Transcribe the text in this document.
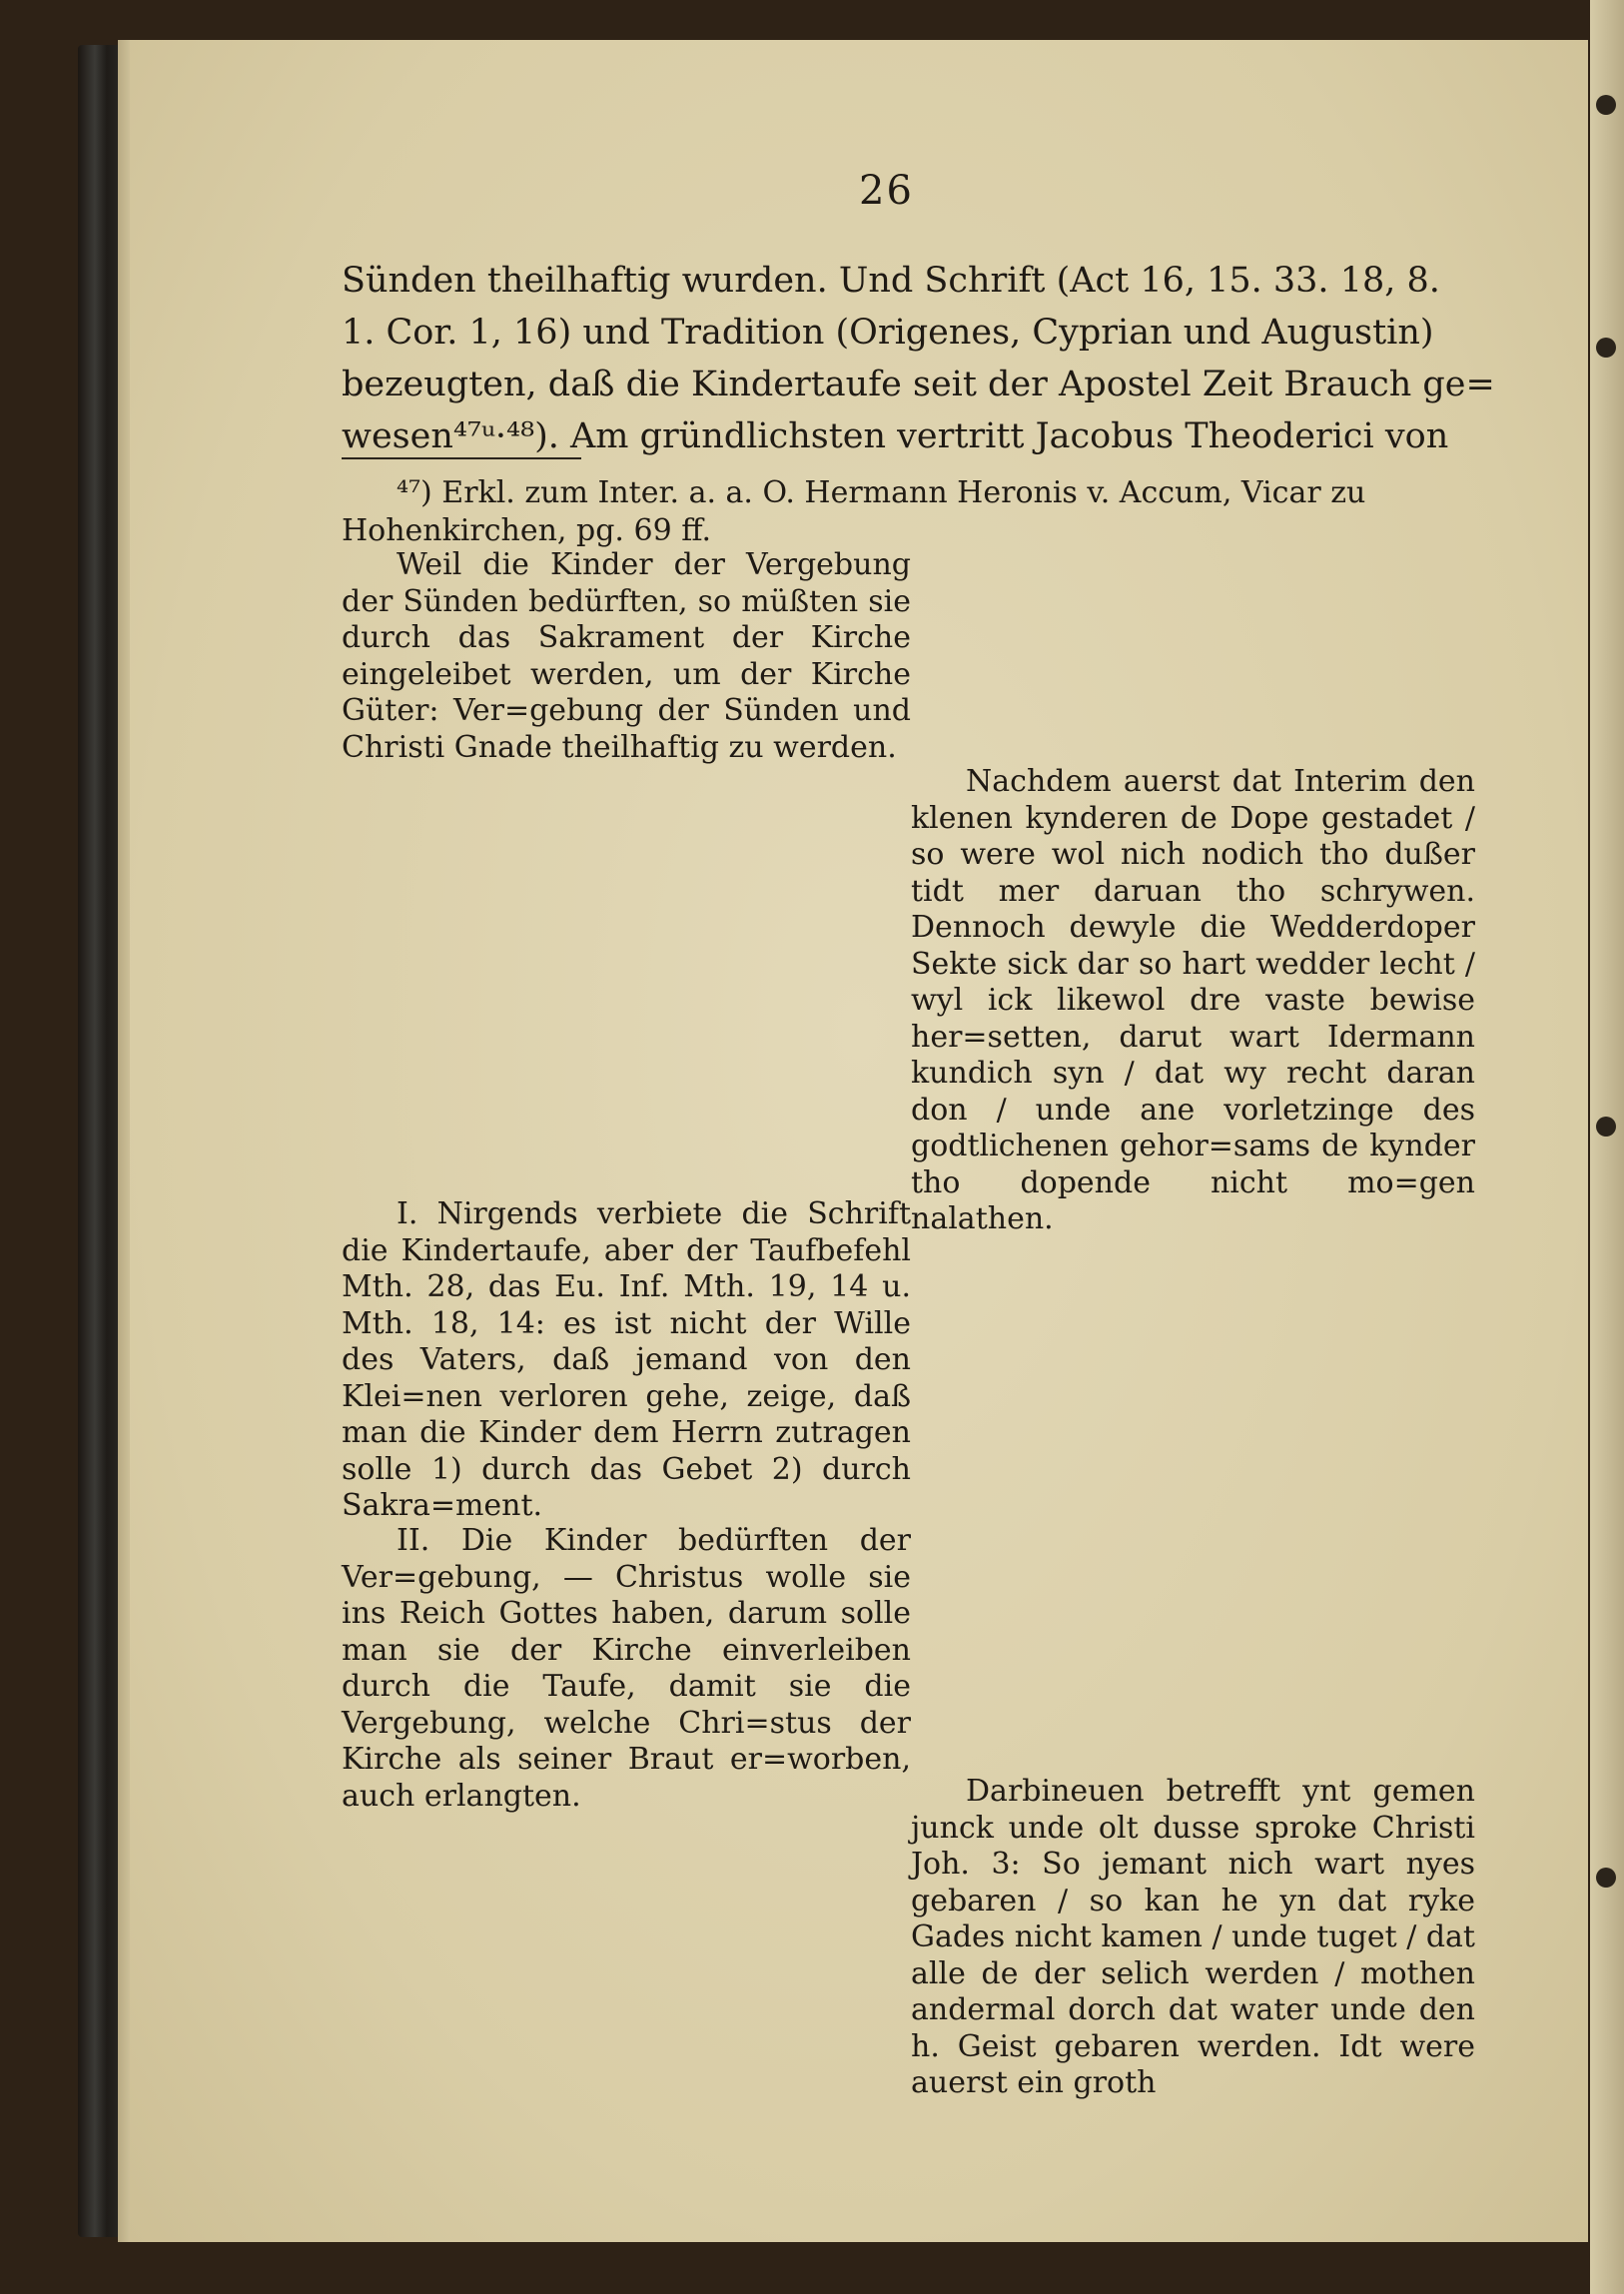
26
Sünden theilhaftig wurden. Und Schrift (Act 16, 15. 33. 18, 8.
1. Cor. 1, 16) und Tradition (Origenes, Cyprian und Augustin)
bezeugten, daß die Kindertaufe seit der Apostel Zeit Brauch ge=
wesen⁴⁷ᵘ·⁴⁸). Am gründlichsten vertritt Jacobus Theoderici von

⁴⁷) Erkl. zum Inter. a. a. O. Hermann Heronis v. Accum, Vicar zu Hohenkirchen, pg. 69 ff.

Weil die Kinder der Vergebung der Sünden bedürften, so müßten sie durch das Sakrament der Kirche eingeleibet werden, um der Kirche Güter: Ver=gebung der Sünden und Christi Gnade theilhaftig zu werden.

I. Nirgends verbiete die Schrift die Kindertaufe, aber der Taufbefehl Mth. 28, das Eu. Inf. Mth. 19, 14 u. Mth. 18, 14: es ist nicht der Wille des Vaters, daß jemand von den Klei=nen verloren gehe, zeige, daß man die Kinder dem Herrn zutragen solle 1) durch das Gebet 2) durch Sakra=ment.

II. Die Kinder bedürften der Ver=gebung, — Christus wolle sie ins Reich Gottes haben, darum solle man sie der Kirche einverleiben durch die Taufe, damit sie die Vergebung, welche Chri=stus der Kirche als seiner Braut er=worben, auch erlangten.

Nachdem auerst dat Interim den klenen kynderen de Dope gestadet / so were wol nich nodich tho dußer tidt mer daruan tho schrywen. Dennoch dewyle die Wedderdoper Sekte sick dar so hart wedder lecht / wyl ick likewol dre vaste bewise her=setten, darut wart Idermann kundich syn / dat wy recht daran don / unde ane vorletzinge des godtlichenen gehor=sams de kynder tho dopende nicht mo=gen nalathen.

Darbineuen betrefft ynt gemen junck unde olt dusse sproke Christi Joh. 3: So jemant nich wart nyes gebaren / so kan he yn dat ryke Gades nicht kamen / unde tuget / dat alle de der selich werden / mothen andermal dorch dat water unde den h. Geist gebaren werden. Idt were auerst ein groth
